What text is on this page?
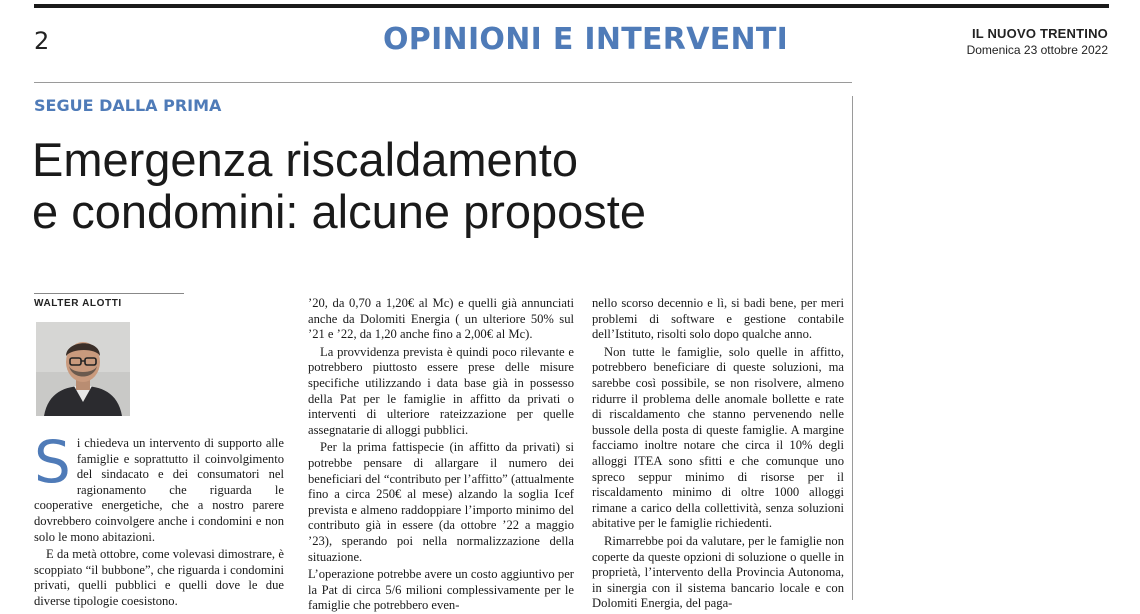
2	OPINIONI E INTERVENTI	IL NUOVO TRENTINO
Domenica 23 ottobre 2022
SEGUE DALLA PRIMA
Emergenza riscaldamento
e condomini: alcune proposte
WALTER ALOTTI
S i chiedeva un intervento di supporto alle famiglie e soprattutto il coinvolgimento del sindacato e dei consumatori nel ragionamento che riguarda le cooperative energetiche, che a nostro parere dovrebbero coinvolgere anche i condomini e non solo le mono abitazioni.

E da metà ottobre, come volevasi dimostrare, è scoppiato “il bubbone”, che riguarda i condomini privati, quelli pubblici e quelli dove le due diverse tipologie coesistono.

’20, da 0,70 a 1,20€ al Mc) e quelli già annunciati anche da Dolomiti Energia ( un ulteriore 50% sul ’21 e ’22, da 1,20 anche fino a 2,00€ al Mc).

La provvidenza prevista è quindi poco rilevante e potrebbero piuttosto essere prese delle misure specifiche utilizzando i data base già in possesso della Pat per le famiglie in affitto da privati o interventi di ulteriore rateizzazione per quelle assegnatarie di alloggi pubblici.

Per la prima fattispecie (in affitto da privati) si potrebbe pensare di allargare il numero dei beneficiari del “contributo per l’affitto” (attualmente fino a circa 250€ al mese) alzando la soglia Icef prevista e almeno raddoppiare l’importo minimo del contributo già in essere (da ottobre ’22 a maggio ’23), sperando poi nella normalizzazione della situazione.

L’operazione potrebbe avere un costo aggiuntivo per la Pat di circa 5/6 milioni complessivamente per le famiglie che potrebbero even-

nello scorso decennio e lì, si badi bene, per meri problemi di software e gestione contabile dell’Istituto, risolti solo dopo qualche anno.

Non tutte le famiglie, solo quelle in affitto, potrebbero beneficiare di queste soluzioni, ma sarebbe così possibile, se non risolvere, almeno ridurre il problema delle anomale bollette e rate di riscaldamento che stanno pervenendo nelle bussole della posta di queste famiglie. A margine facciamo inoltre notare che circa il 10% degli alloggi ITEA sono sfitti e che comunque uno spreco seppur minimo di risorse per il riscaldamento minimo di oltre 1000 alloggi rimane a carico della collettività, senza soluzioni abitative per le famiglie richiedenti.

Rimarrebbe poi da valutare, per le famiglie non coperte da queste opzioni di soluzione o quelle in proprietà, l’intervento della Provincia Autonoma, in sinergia con il sistema bancario locale e con Dolomiti Energia, del paga-
